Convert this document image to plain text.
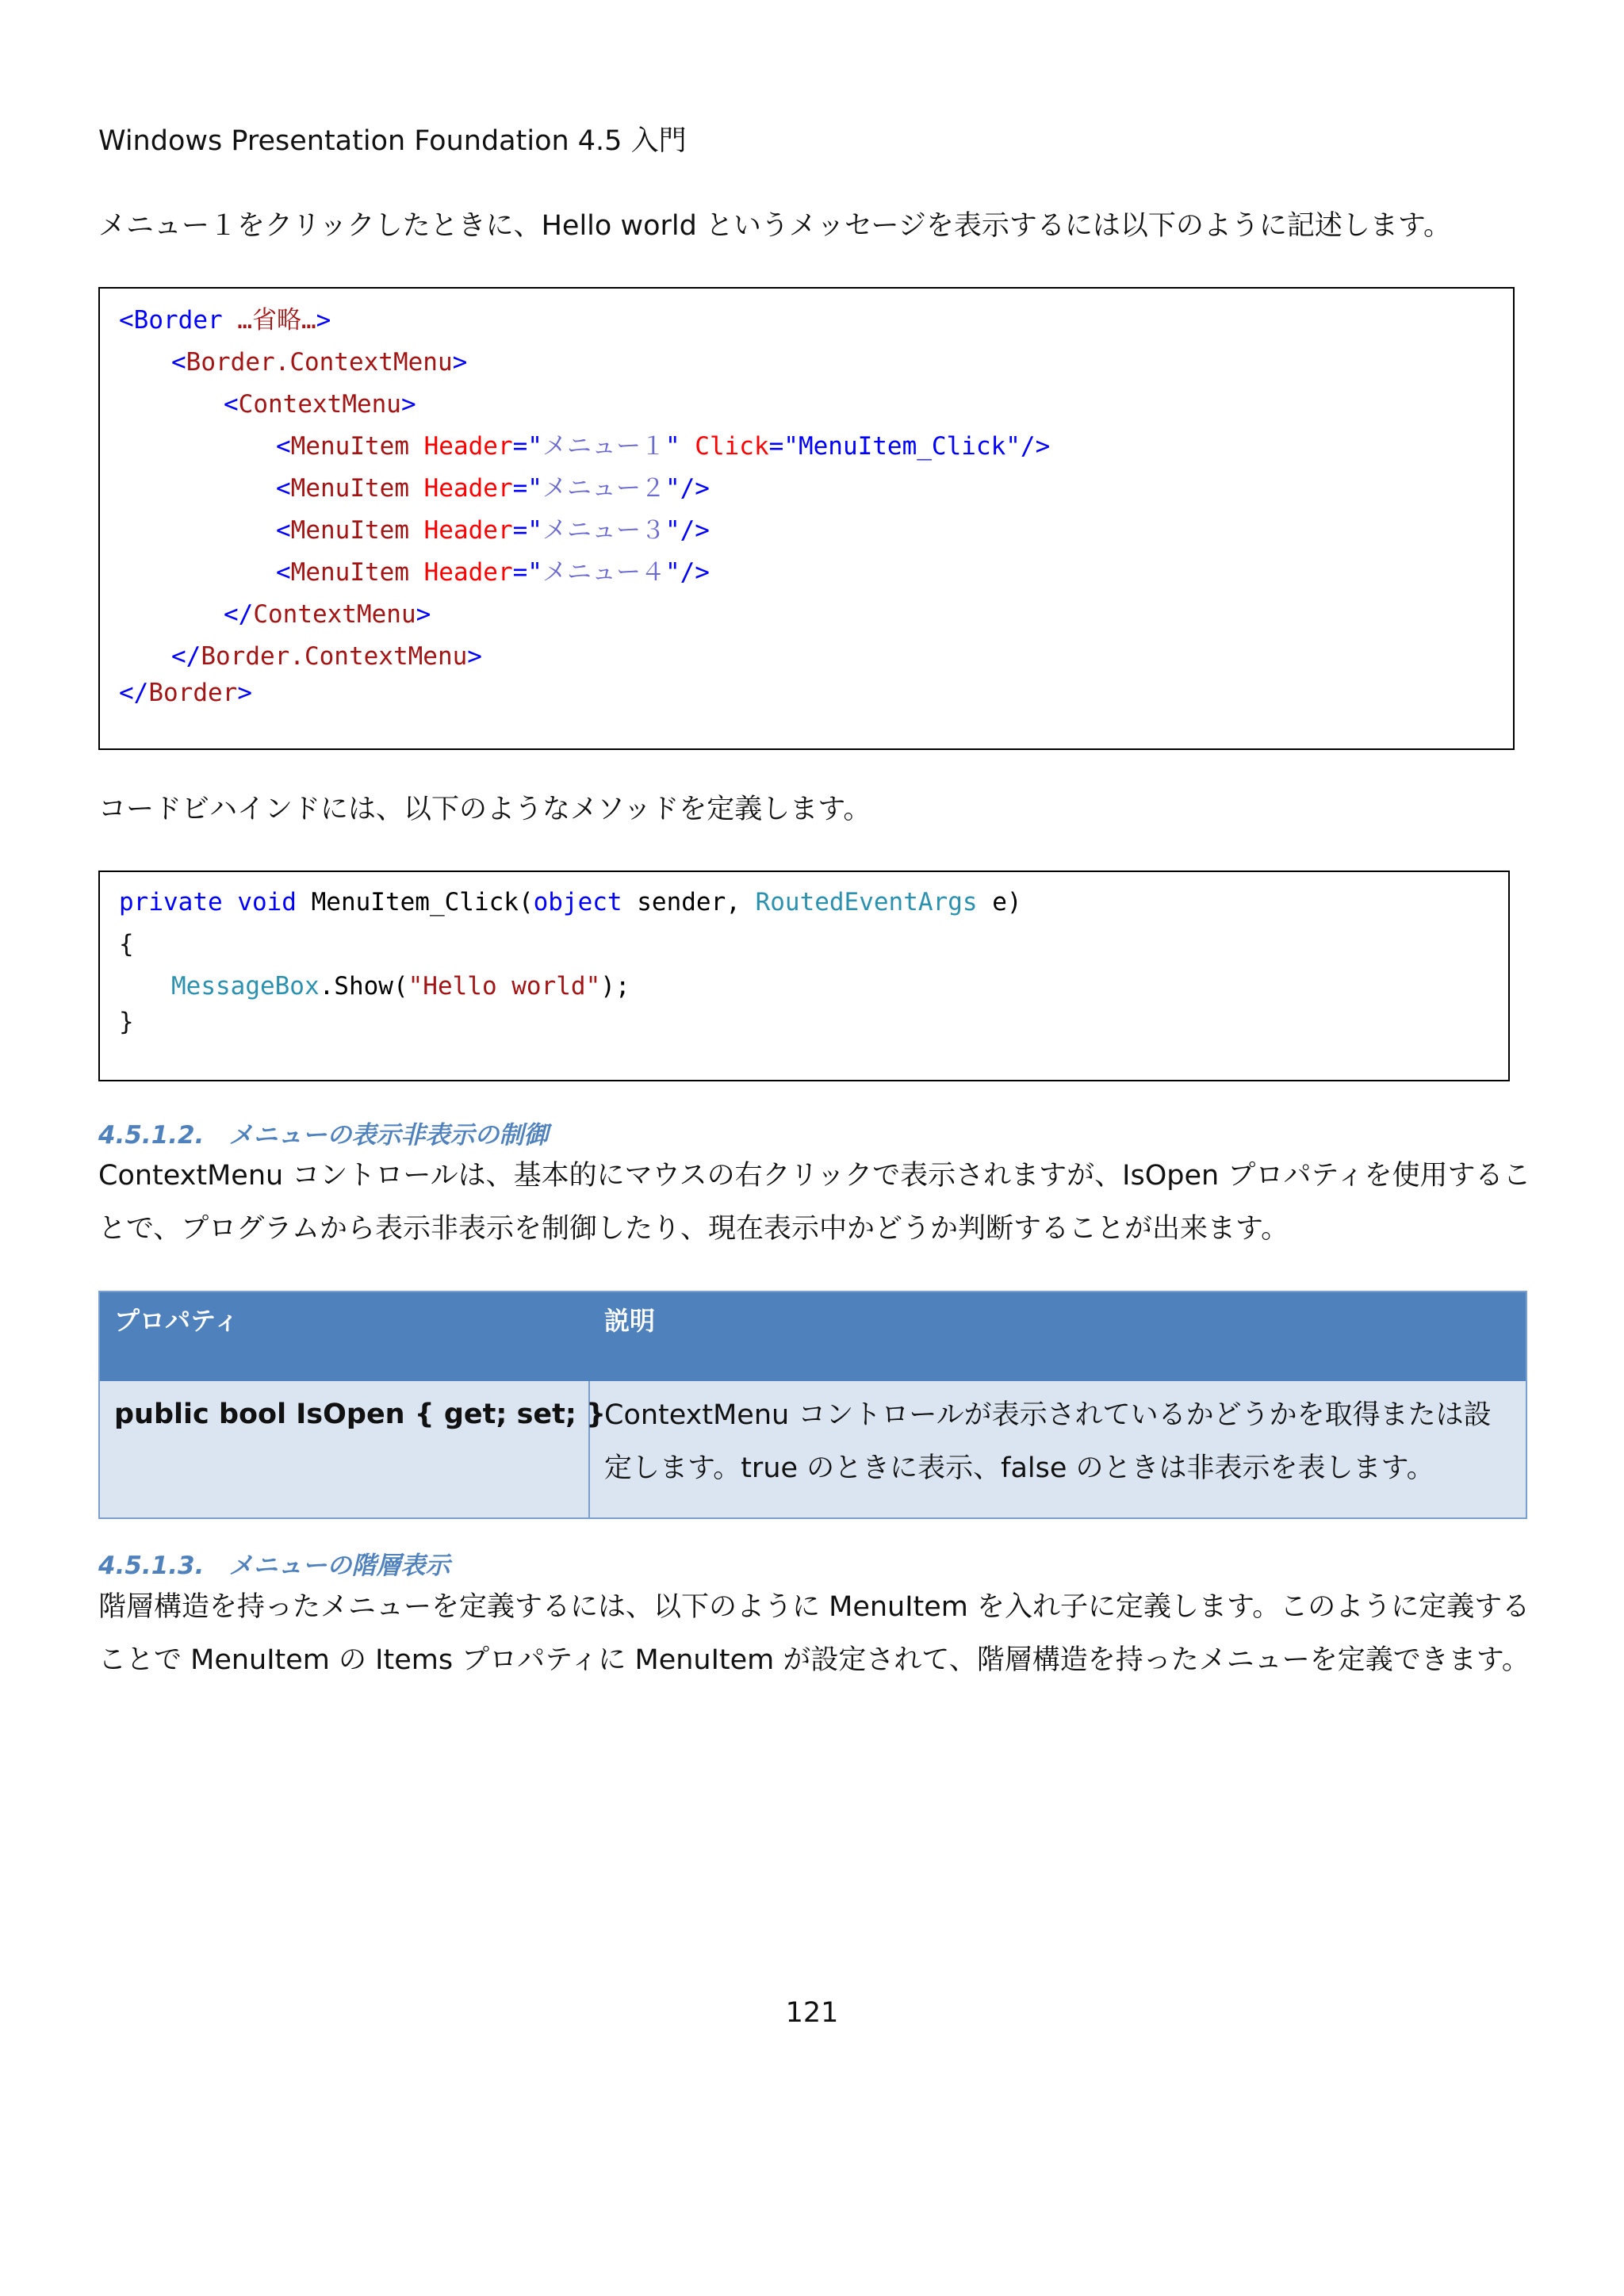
Windows Presentation Foundation 4.5 入門
メニュー１をクリックしたときに、Hello world というメッセージを表示するには以下のように記述します。
<Border …省略…>
<Border.ContextMenu>
<ContextMenu>
<MenuItem Header="メニュー１" Click="MenuItem_Click"/>
<MenuItem Header="メニュー２"/>
<MenuItem Header="メニュー３"/>
<MenuItem Header="メニュー４"/>
</ContextMenu>
</Border.ContextMenu>
</Border>
コードビハインドには、以下のようなメソッドを定義します。
private void MenuItem_Click(object sender, RoutedEventArgs e)
{
MessageBox.Show("Hello world");
}
4.5.1.2.　メニューの表示非表示の制御
ContextMenu コントロールは、基本的にマウスの右クリックで表示されますが、IsOpen プロパティを使用するこ
とで、プログラムから表示非表示を制御したり、現在表示中かどうか判断することが出来ます。
プロパティ	説明
public bool IsOpen { get; set; }
ContextMenu コントロールが表示されているかどうかを取得または設定します。true のときに表示、false のときは非表示を表します。
4.5.1.3.　メニューの階層表示
階層構造を持ったメニューを定義するには、以下のように MenuItem を入れ子に定義します。このように定義する
ことで MenuItem の Items プロパティに MenuItem が設定されて、階層構造を持ったメニューを定義できます。
121
